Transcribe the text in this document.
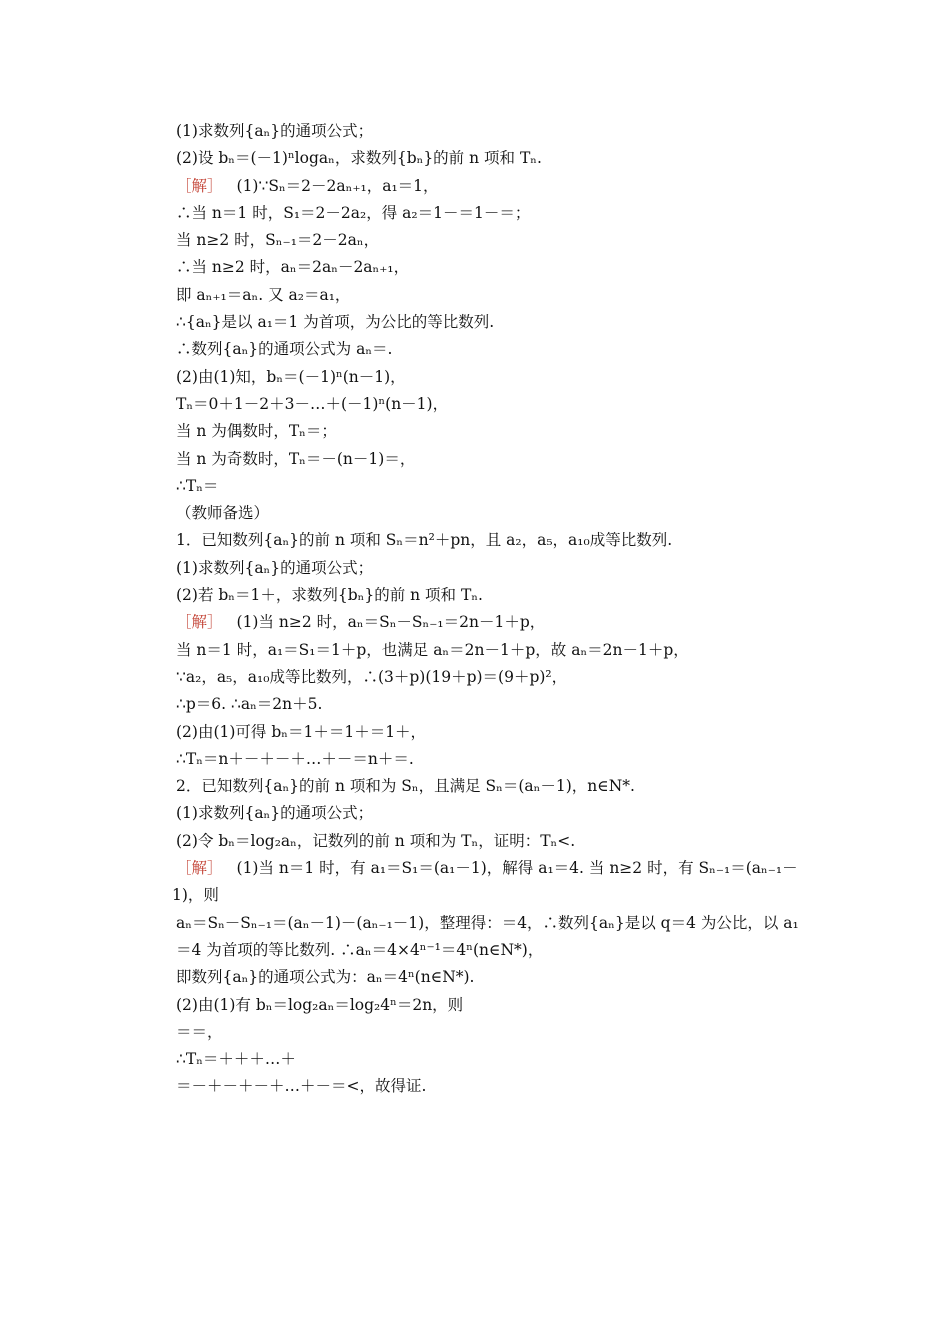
(1)求数列{aₙ}的通项公式；
(2)设 bₙ＝(－1)ⁿlogaₙ，求数列{bₙ}的前 n 项和 Tₙ.
［解］ (1)∵Sₙ＝2－2aₙ₊₁，a₁＝1，
∴当 n＝1 时，S₁＝2－2a₂，得 a₂＝1－＝1－＝；
当 n≥2 时，Sₙ₋₁＝2－2aₙ，
∴当 n≥2 时，aₙ＝2aₙ－2aₙ₊₁，
即 aₙ₊₁＝aₙ. 又 a₂＝a₁，
∴{aₙ}是以 a₁＝1 为首项，为公比的等比数列.
∴数列{aₙ}的通项公式为 aₙ＝.
(2)由(1)知，bₙ＝(－1)ⁿ(n－1)，
Tₙ＝0＋1－2＋3－…＋(－1)ⁿ(n－1)，
当 n 为偶数时，Tₙ＝；
当 n 为奇数时，Tₙ＝－(n－1)＝，
∴Tₙ＝
（教师备选）
1．已知数列{aₙ}的前 n 项和 Sₙ＝n²＋pn，且 a₂，a₅，a₁₀成等比数列.
(1)求数列{aₙ}的通项公式；
(2)若 bₙ＝1＋，求数列{bₙ}的前 n 项和 Tₙ.
［解］ (1)当 n≥2 时，aₙ＝Sₙ－Sₙ₋₁＝2n－1＋p，
当 n＝1 时，a₁＝S₁＝1＋p，也满足 aₙ＝2n－1＋p，故 aₙ＝2n－1＋p，
∵a₂，a₅，a₁₀成等比数列，∴(3＋p)(19＋p)＝(9＋p)²，
∴p＝6. ∴aₙ＝2n＋5.
(2)由(1)可得 bₙ＝1＋＝1＋＝1＋，
∴Tₙ＝n＋－＋－＋…＋－＝n＋＝.
2．已知数列{aₙ}的前 n 项和为 Sₙ，且满足 Sₙ＝(aₙ－1)，n∈N*.
(1)求数列{aₙ}的通项公式；
(2)令 bₙ＝log₂aₙ，记数列的前 n 项和为 Tₙ，证明：Tₙ<.
［解］ (1)当 n＝1 时，有 a₁＝S₁＝(a₁－1)，解得 a₁＝4. 当 n≥2 时，有 Sₙ₋₁＝(aₙ₋₁－
1)，则
aₙ＝Sₙ－Sₙ₋₁＝(aₙ－1)－(aₙ₋₁－1)，整理得：＝4，∴数列{aₙ}是以 q＝4 为公比，以 a₁
＝4 为首项的等比数列. ∴aₙ＝4×4ⁿ⁻¹＝4ⁿ(n∈N*)，
即数列{aₙ}的通项公式为：aₙ＝4ⁿ(n∈N*).
(2)由(1)有 bₙ＝log₂aₙ＝log₂4ⁿ＝2n，则
＝＝，
∴Tₙ＝＋＋＋…＋
＝－＋－＋－＋…＋－＝<，故得证.
